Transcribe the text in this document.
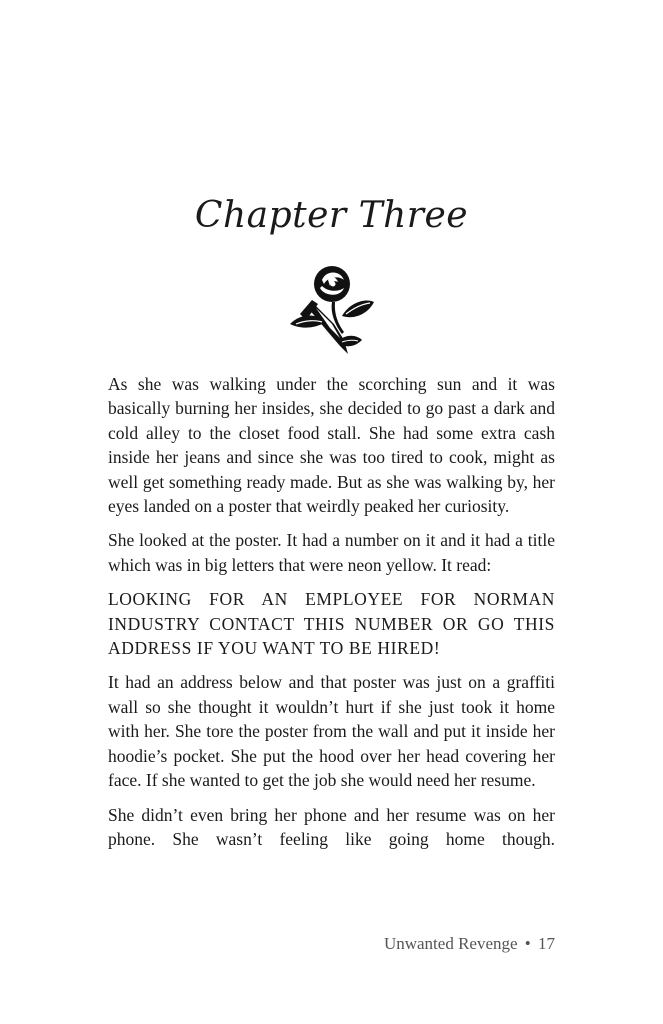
Chapter Three

As she was walking under the scorching sun and it was basically burning her insides, she decided to go past a dark and cold alley to the closet food stall. She had some extra cash inside her jeans and since she was too tired to cook, might as well get something ready made. But as she was walking by, her eyes landed on a poster that weirdly peaked her curiosity.

She looked at the poster. It had a number on it and it had a title which was in big letters that were neon yellow. It read:

LOOKING FOR AN EMPLOYEE FOR NORMAN INDUSTRY CONTACT THIS NUMBER OR GO THIS ADDRESS IF YOU WANT TO BE HIRED!

It had an address below and that poster was just on a graffiti wall so she thought it wouldn’t hurt if she just took it home with her. She tore the poster from the wall and put it inside her hoodie’s pocket. She put the hood over her head covering her face. If she wanted to get the job she would need her resume.

She didn’t even bring her phone and her resume was on her phone. She wasn’t feeling like going home though.

Unwanted Revenge • 17
